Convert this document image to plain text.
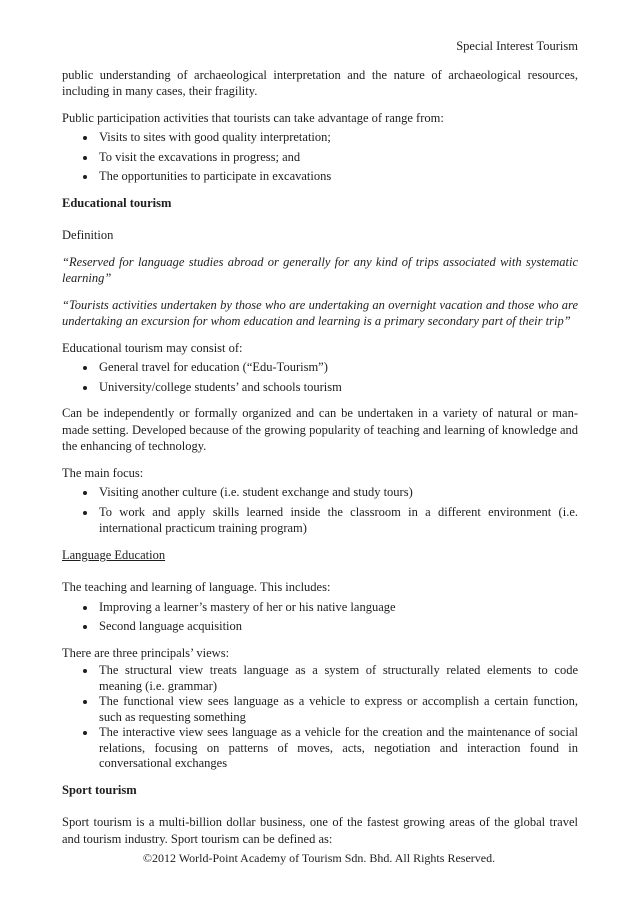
Special Interest Tourism

public understanding of archaeological interpretation and the nature of archaeological resources, including in many cases, their fragility.

Public participation activities that tourists can take advantage of range from:

• Visits to sites with good quality interpretation;
• To visit the excavations in progress; and
• The opportunities to participate in excavations

Educational tourism

Definition

“Reserved for language studies abroad or generally for any kind of trips associated with systematic learning”

“Tourists activities undertaken by those who are undertaking an overnight vacation and those who are undertaking an excursion for whom education and learning is a primary secondary part of their trip”

Educational tourism may consist of:

• General travel for education (“Edu-Tourism”)
• University/college students’ and schools tourism

Can be independently or formally organized and can be undertaken in a variety of natural or man-made setting. Developed because of the growing popularity of teaching and learning of knowledge and the enhancing of technology.

The main focus:

• Visiting another culture (i.e. student exchange and study tours)
• To work and apply skills learned inside the classroom in a different environment (i.e. international practicum training program)

Language Education

The teaching and learning of language. This includes:

• Improving a learner’s mastery of her or his native language
• Second language acquisition

There are three principals’ views:

• The structural view treats language as a system of structurally related elements to code meaning (i.e. grammar)
• The functional view sees language as a vehicle to express or accomplish a certain function, such as requesting something
• The interactive view sees language as a vehicle for the creation and the maintenance of social relations, focusing on patterns of moves, acts, negotiation and interaction found in conversational exchanges

Sport tourism

Sport tourism is a multi-billion dollar business, one of the fastest growing areas of the global travel and tourism industry. Sport tourism can be defined as:

©2012 World-Point Academy of Tourism Sdn. Bhd. All Rights Reserved.
